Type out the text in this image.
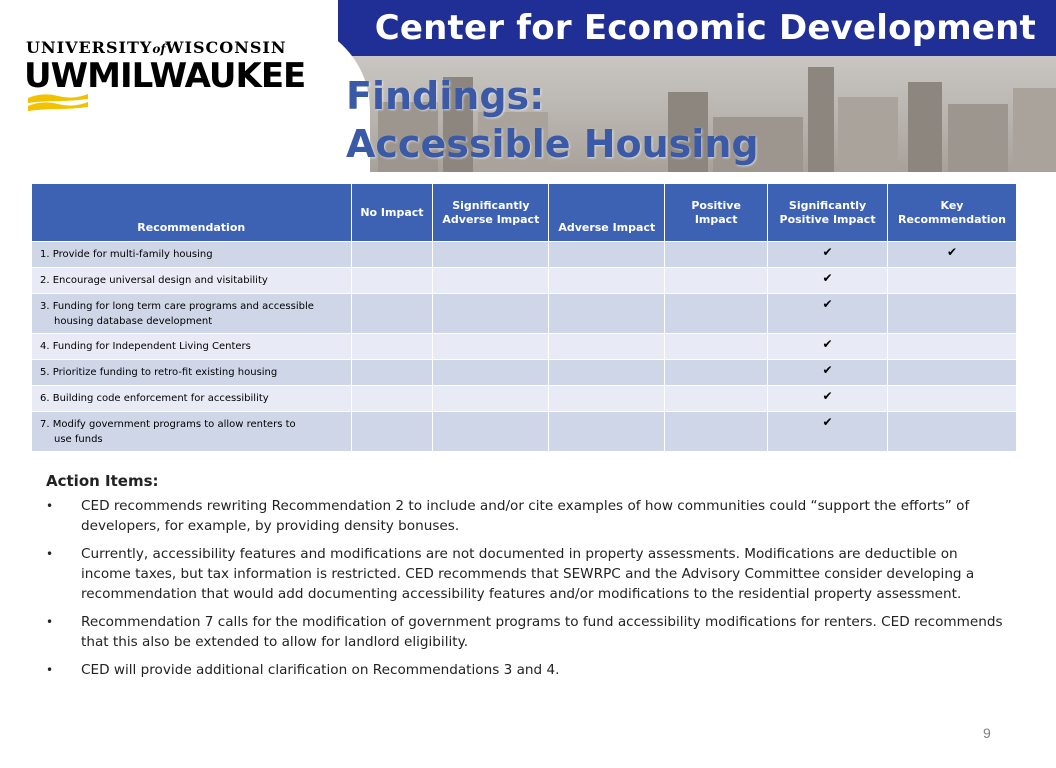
Center for Economic Development
UNIVERSITYofWISCONSIN
UWMILWAUKEE Findings:
Accessible Housing
Recommendation	No Impact	Significantly Adverse Impact	Adverse Impact	Positive Impact	Significantly Positive Impact	Key Recommendation
1. Provide for multi-family housing					✔	✔
2. Encourage universal design and visitability					✔	
3. Funding for long term care programs and accessible
housing database development					✔	
4. Funding for Independent Living Centers					✔	
5. Prioritize funding to retro-fit existing housing					✔	
6. Building code enforcement for accessibility					✔	
7. Modify government programs to allow renters to
use funds					✔	
Action Items:
• CED recommends rewriting Recommendation 2 to include and/or cite examples of how communities could “support the efforts” of developers, for example, by providing density bonuses.
• Currently, accessibility features and modifications are not documented in property assessments. Modifications are deductible on income taxes, but tax information is restricted. CED recommends that SEWRPC and the Advisory Committee consider developing a recommendation that would add documenting accessibility features and/or modifications to the residential property assessment.
• Recommendation 7 calls for the modification of government programs to fund accessibility modifications for renters. CED recommends that this also be extended to allow for landlord eligibility.
• CED will provide additional clarification on Recommendations 3 and 4.
9
